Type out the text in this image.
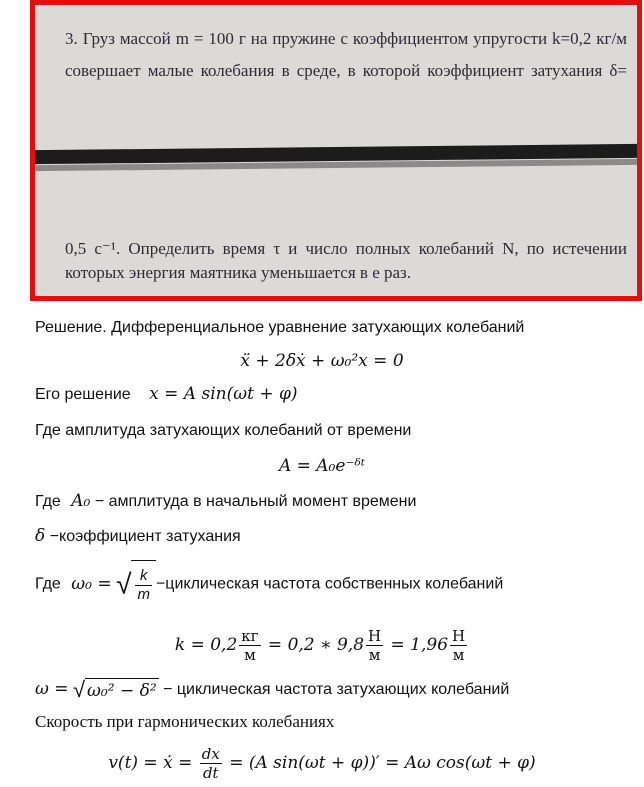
3. Груз массой m = 100 г на пружине с коэффициентом упругости k=0,2 кг/м

совершает малые колебания в среде, в которой коэффициент затухания δ=

0,5 с⁻¹. Определить время τ и число полных колебаний N, по истечении

которых энергия маятника уменьшается в e раз.

Решение. Дифференциальное уравнение затухающих колебаний
ẍ + 2δẋ + ω₀²x = 0
Его решение x = A sin(ωt + φ)
Где амплитуда затухающих колебаний от времени
A = A₀e⁻ᵟᵗ
Где A₀ − амплитуда в начальный момент времени
δ −коэффициент затухания
Где ω₀ = √ $\frac{k}{m}$ −циклическая частота собственных колебаний
$k = 0,2 \frac{кг}{м} = 0,2$ ∗ $9,8 \frac{Н}{м} = 1,96 \frac{Н}{м}$
ω = √ ω₀² − δ² − циклическая частота затухающих колебаний
Скорость при гармонических колебаниях
v(t) = ẋ = $\frac{dx}{dt} = (A$ sin(ωt + φ))′ = Aω cos(ωt + φ)
